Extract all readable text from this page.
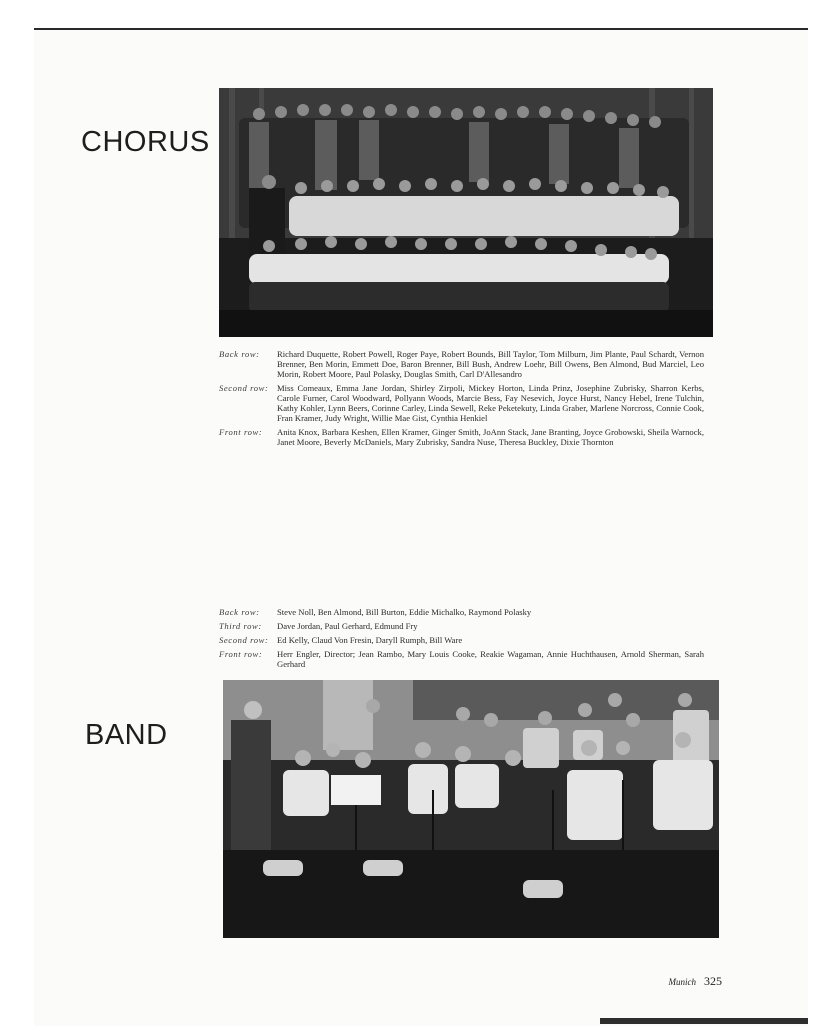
CHORUS
Back row:	Richard Duquette, Robert Powell, Roger Paye, Robert Bounds, Bill Taylor, Tom Milburn, Jim Plante, Paul Schardt, Vernon Brenner, Ben Morin, Emmett Doe, Baron Brenner, Bill Bush, Andrew Loehr, Bill Owens, Ben Almond, Bud Marciel, Leo Morin, Robert Moore, Paul Polasky, Douglas Smith, Carl D'Allesandro
Second row: Miss Comeaux, Emma Jane Jordan, Shirley Zirpoli, Mickey Horton, Linda Prinz, Josephine Zubrisky, Sharron Kerbs, Carole Furner, Carol Woodward, Pollyann Woods, Marcie Bess, Fay Nesevich, Joyce Hurst, Nancy Hebel, Irene Tulchin, Kathy Kohler, Lynn Beers, Corinne Carley, Linda Sewell, Reke Peketekuty, Linda Graber, Marlene Norcross, Connie Cook, Fran Kramer, Judy Wright, Willie Mae Gist, Cynthia Henkiel
Front row:	Anita Knox, Barbara Keshen, Ellen Kramer, Ginger Smith, JoAnn Stack, Jane Branting, Joyce Grobowski, Sheila Warnock, Janet Moore, Beverly McDaniels, Mary Zubrisky, Sandra Nuse, Theresa Buckley, Dixie Thornton
Back row:	Steve Noll, Ben Almond, Bill Burton, Eddie Michalko, Raymond Polasky
Third row:	Dave Jordan, Paul Gerhard, Edmund Fry
Second row: Ed Kelly, Claud Von Fresin, Daryll Rumph, Bill Ware
Front row:	Herr Engler, Director; Jean Rambo, Mary Louis Cooke, Reakie Wagaman, Annie Huchthausen, Arnold Sherman, Sarah Gerhard
BAND
Munich 325
